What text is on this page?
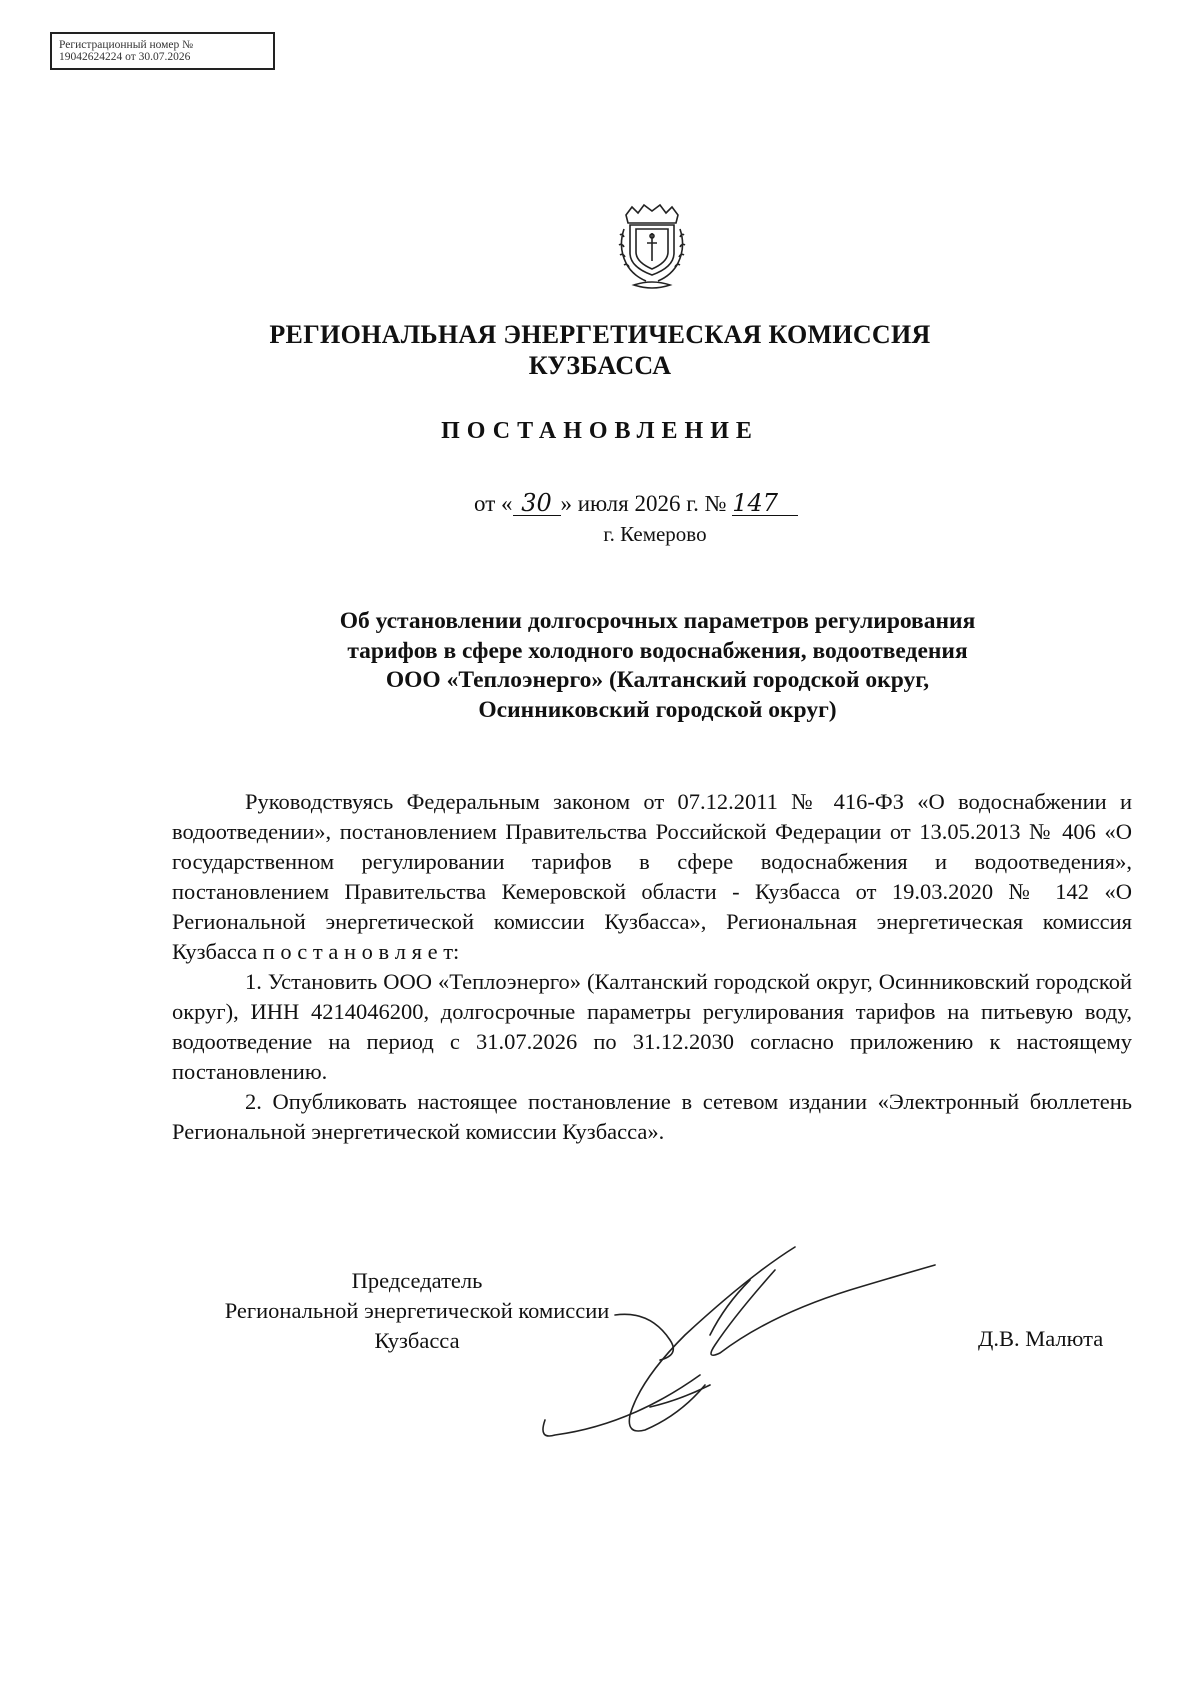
Регистрационный номер №
19042624224 от 30.07.2026
РЕГИОНАЛЬНАЯ ЭНЕРГЕТИЧЕСКАЯ КОМИССИЯ
КУЗБАССА
ПОСТАНОВЛЕНИЕ
от « 30 » июля 2026 г. № 147
г. Кемерово
Об установлении долгосрочных параметров регулирования
тарифов в сфере холодного водоснабжения, водоотведения
ООО «Теплоэнерго» (Калтанский городской округ,
Осинниковский городской округ)

Руководствуясь Федеральным законом от 07.12.2011 № 416-ФЗ «О водоснабжении и водоотведении», постановлением Правительства Российской Федерации от 13.05.2013 № 406 «О государственном регулировании тарифов в сфере водоснабжения и водоотведения», постановлением Правительства Кемеровской области - Кузбасса от 19.03.2020 № 142 «О Региональной энергетической комиссии Кузбасса», Региональная энергетическая комиссия Кузбасса п о с т а н о в л я е т:

1. Установить ООО «Теплоэнерго» (Калтанский городской округ, Осинниковский городской округ), ИНН 4214046200, долгосрочные параметры регулирования тарифов на питьевую воду, водоотведение на период с 31.07.2026 по 31.12.2030 согласно приложению к настоящему постановлению.

2. Опубликовать настоящее постановление в сетевом издании «Электронный бюллетень Региональной энергетической комиссии Кузбасса».

Председатель
Региональной энергетической комиссии
Кузбасса	Д.В. Малюта
